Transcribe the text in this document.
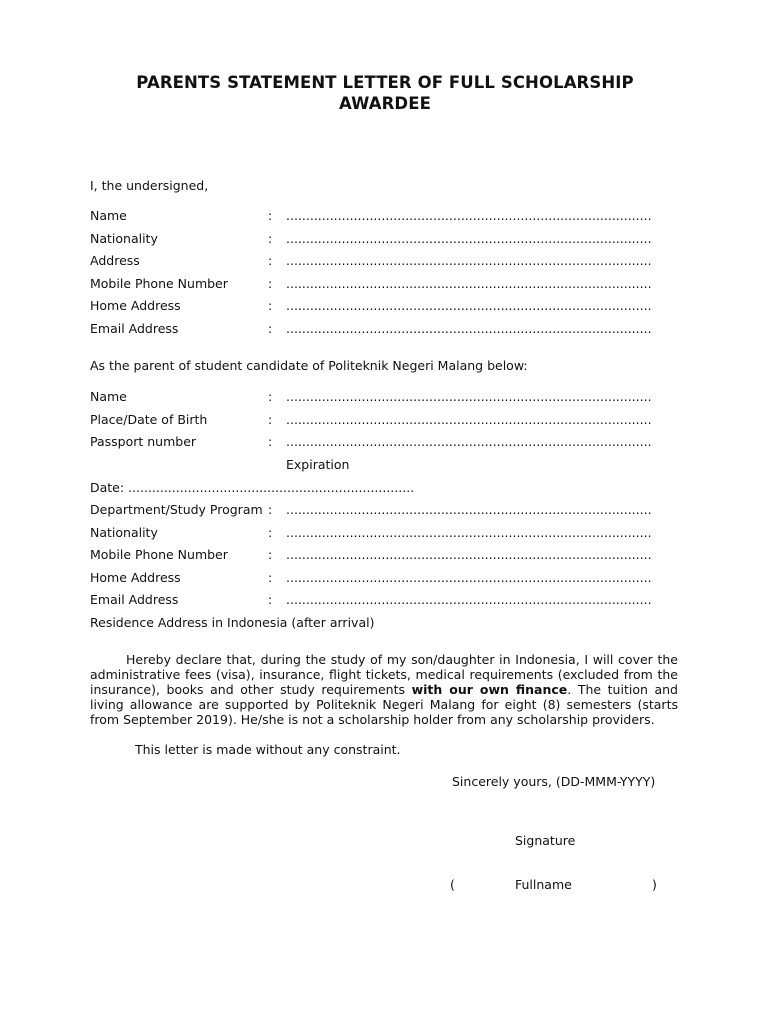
PARENTS STATEMENT LETTER OF FULL SCHOLARSHIP AWARDEE
I, the undersigned,
Name	: ............................................................................................
Nationality	: ............................................................................................
Address	: ............................................................................................
Mobile Phone Number	: ............................................................................................
Home Address	: ............................................................................................
Email Address	: ............................................................................................
As the parent of student candidate of Politeknik Negeri Malang below:
Name	: ............................................................................................
Place/Date of Birth	: ............................................................................................
Passport number	: ............................................................................................
Expiration
Date: ........................................................................
Department/Study Program : ............................................................................................
Nationality	: ............................................................................................
Mobile Phone Number	: ............................................................................................
Home Address	: ............................................................................................
Email Address	: ............................................................................................
Residence Address in Indonesia (after arrival)
Hereby declare that, during the study of my son/daughter in Indonesia, I will cover the administrative fees (visa), insurance, flight tickets, medical requirements (excluded from the insurance), books and other study requirements with our own finance. The tuition and living allowance are supported by Politeknik Negeri Malang for eight (8) semesters (starts from September 2019). He/she is not a scholarship holder from any scholarship providers.
This letter is made without any constraint.
Sincerely yours, (DD-MMM-YYYY)
Signature
(	Fullname	)
